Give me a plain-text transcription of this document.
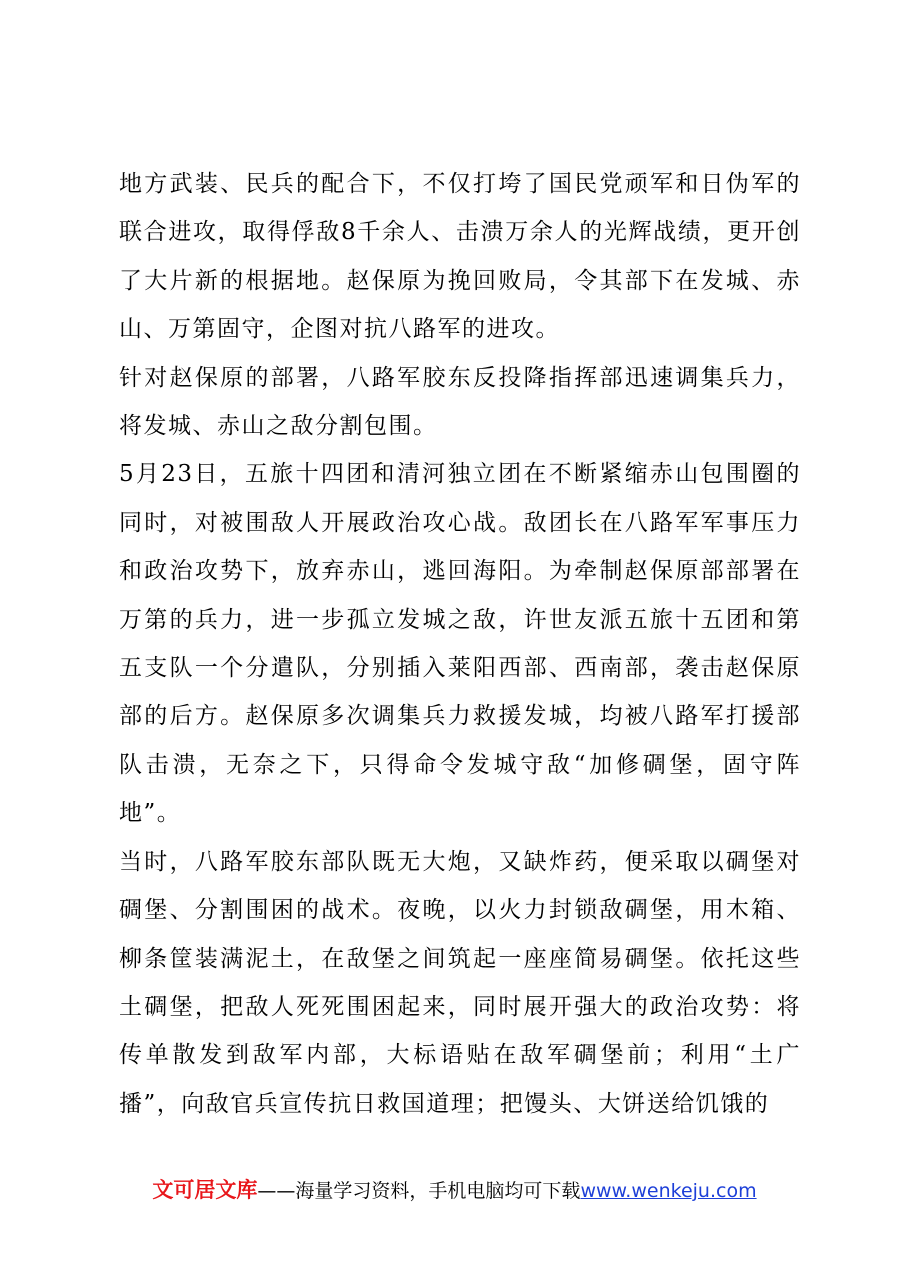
地方武装、民兵的配合下，不仅打垮了国民党顽军和日伪军的联合进攻，取得俘敌8千余人、击溃万余人的光辉战绩，更开创了大片新的根据地。赵保原为挽回败局，令其部下在发城、赤山、万第固守，企图对抗八路军的进攻。

针对赵保原的部署，八路军胶东反投降指挥部迅速调集兵力，将发城、赤山之敌分割包围。

5月23日，五旅十四团和清河独立团在不断紧缩赤山包围圈的同时，对被围敌人开展政治攻心战。敌团长在八路军军事压力和政治攻势下，放弃赤山，逃回海阳。为牵制赵保原部部署在万第的兵力，进一步孤立发城之敌，许世友派五旅十五团和第五支队一个分遣队，分别插入莱阳西部、西南部，袭击赵保原部的后方。赵保原多次调集兵力救援发城，均被八路军打援部队击溃，无奈之下，只得命令发城守敌“加修碉堡，固守阵地”。

当时，八路军胶东部队既无大炮，又缺炸药，便采取以碉堡对碉堡、分割围困的战术。夜晚，以火力封锁敌碉堡，用木箱、柳条筐装满泥土，在敌堡之间筑起一座座简易碉堡。依托这些土碉堡，把敌人死死围困起来，同时展开强大的政治攻势：将传单散发到敌军内部，大标语贴在敌军碉堡前；利用“土广播”，向敌官兵宣传抗日救国道理；把馒头、大饼送给饥饿的

文可居文库——海量学习资料，手机电脑均可下载www.wenkeju.com
